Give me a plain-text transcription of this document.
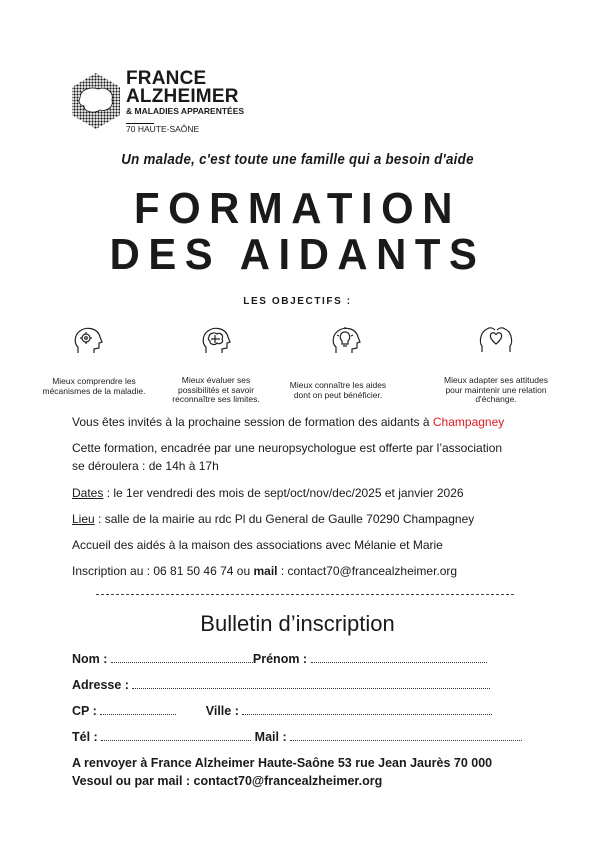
FRANCE
ALZHEIMER
& MALADIES APPARENTÉES
70 HAUTE-SAÔNE
Un malade, c'est toute une famille qui a besoin d'aide
FORMATION
DES AIDANTS
LES OBJECTIFS :
Mieux comprendre les mécanismes de la maladie.
Mieux évaluer ses possibilités et savoir reconnaître ses limites.
Mieux connaître les aides dont on peut bénéficier.
Mieux adapter ses attitudes pour maintenir une relation d'échange.
Vous êtes invités à la prochaine session de formation des aidants à Champagney
Cette formation, encadrée par une neuropsychologue est offerte par l’association
se déroulera : de 14h à 17h
Dates : le 1er vendredi des mois de sept/oct/nov/dec/2025 et janvier 2026
Lieu : salle de la mairie au rdc Pl du General de Gaulle 70290 Champagney
Accueil des aidés à la maison des associations avec Mélanie et Marie
Inscription au : 06 81 50 46 74 ou mail : contact70@francealzheimer.org
Bulletin d’inscription
Nom :	Prénom :
Adresse :
CP :	Ville :
Tél :	Mail :
A renvoyer à France Alzheimer Haute-Saône 53 rue Jean Jaurès 70 000
Vesoul ou par mail : contact70@francealzheimer.org
